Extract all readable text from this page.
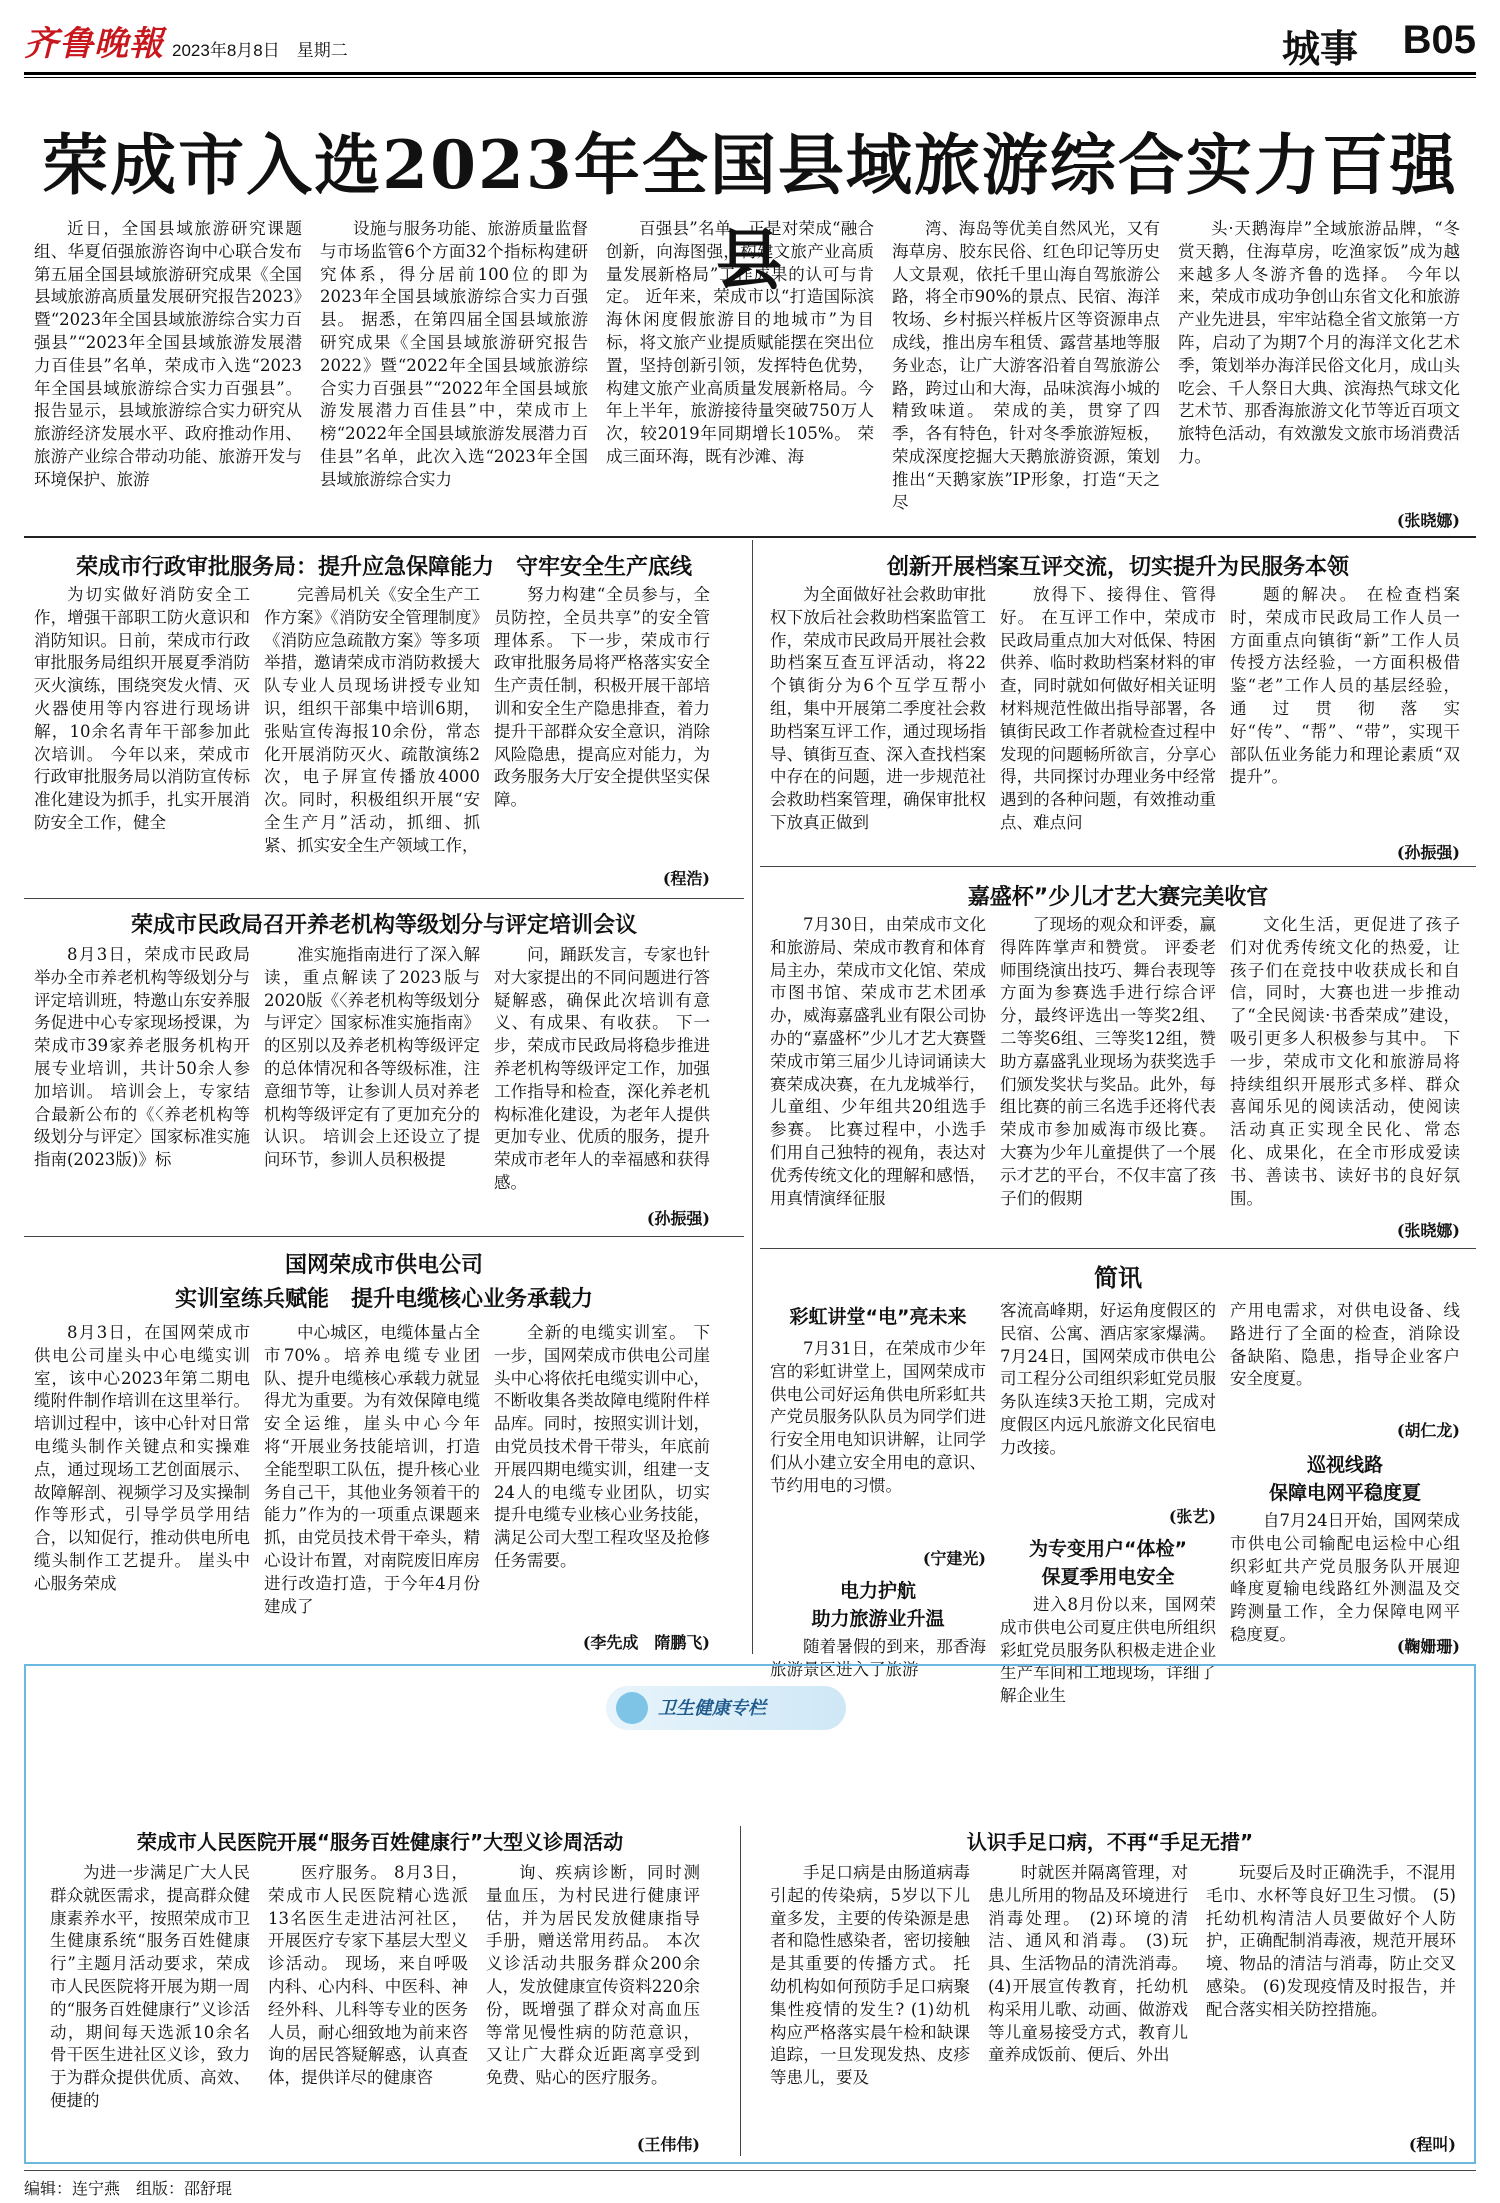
齐鲁晚報 2023年8月8日　星期二	城事 B05
荣成市入选2023年全国县域旅游综合实力百强县

近日，全国县域旅游研究课题组、华夏佰强旅游咨询中心联合发布第五届全国县域旅游研究成果《全国县域旅游高质量发展研究报告2023》暨“2023年全国县域旅游综合实力百强县”“2023年全国县域旅游发展潜力百佳县”名单，荣成市入选“2023年全国县域旅游综合实力百强县”。 报告显示，县域旅游综合实力研究从旅游经济发展水平、政府推动作用、旅游产业综合带动功能、旅游开发与环境保护、旅游

设施与服务功能、旅游质量监督与市场监管6个方面32个指标构建研究体系，得分居前100位的即为2023年全国县域旅游综合实力百强县。 据悉，在第四届全国县域旅游研究成果《全国县域旅游研究报告2022》暨“2022年全国县域旅游综合实力百强县”“2022年全国县域旅游发展潜力百佳县”中，荣成市上榜“2022年全国县域旅游发展潜力百佳县”名单，此次入选“2023年全国县域旅游综合实力

百强县”名单，正是对荣成“融合创新，向海图强，构建文旅产业高质量发展新格局”工作成果的认可与肯定。 近年来，荣成市以“打造国际滨海休闲度假旅游目的地城市”为目标，将文旅产业提质赋能摆在突出位置，坚持创新引领，发挥特色优势，构建文旅产业高质量发展新格局。今年上半年，旅游接待量突破750万人次，较2019年同期增长105%。 荣成三面环海，既有沙滩、海

湾、海岛等优美自然风光，又有海草房、胶东民俗、红色印记等历史人文景观，依托千里山海自驾旅游公路，将全市90%的景点、民宿、海洋牧场、乡村振兴样板片区等资源串点成线，推出房车租赁、露营基地等服务业态，让广大游客沿着自驾旅游公路，跨过山和大海，品味滨海小城的精致味道。 荣成的美，贯穿了四季，各有特色，针对冬季旅游短板，荣成深度挖掘大天鹅旅游资源，策划推出“天鹅家族”IP形象，打造“天之尽

头·天鹅海岸”全域旅游品牌，“冬赏天鹅，住海草房，吃渔家饭”成为越来越多人冬游齐鲁的选择。 今年以来，荣成市成功争创山东省文化和旅游产业先进县，牢牢站稳全省文旅第一方阵，启动了为期7个月的海洋文化艺术季，策划举办海洋民俗文化月，成山头吃会、千人祭日大典、滨海热气球文化艺术节、那香海旅游文化节等近百项文旅特色活动，有效激发文旅市场消费活力。

(张晓娜)
荣成市行政审批服务局：提升应急保障能力　守牢安全生产底线

为切实做好消防安全工作，增强干部职工防火意识和消防知识。日前，荣成市行政审批服务局组织开展夏季消防灭火演练，围绕突发火情、灭火器使用等内容进行现场讲解，10余名青年干部参加此次培训。 今年以来，荣成市行政审批服务局以消防宣传标准化建设为抓手，扎实开展消防安全工作，健全

完善局机关《安全生产工作方案》《消防安全管理制度》《消防应急疏散方案》等多项举措，邀请荣成市消防救援大队专业人员现场讲授专业知识，组织干部集中培训6期，张贴宣传海报10余份，常态化开展消防灭火、疏散演练2次，电子屏宣传播放4000次。同时，积极组织开展“安全生产月”活动，抓细、抓紧、抓实安全生产领域工作，

努力构建“全员参与，全员防控，全员共享”的安全管理体系。 下一步，荣成市行政审批服务局将严格落实安全生产责任制，积极开展干部培训和安全生产隐患排查，着力提升干部群众安全意识，消除风险隐患，提高应对能力，为政务服务大厅安全提供坚实保障。

(程浩)
荣成市民政局召开养老机构等级划分与评定培训会议

8月3日，荣成市民政局举办全市养老机构等级划分与评定培训班，特邀山东安养服务促进中心专家现场授课，为荣成市39家养老服务机构开展专业培训，共计50余人参加培训。 培训会上，专家结合最新公布的《〈养老机构等级划分与评定〉国家标准实施指南(2023版)》标

准实施指南进行了深入解读，重点解读了2023版与2020版《〈养老机构等级划分与评定〉国家标准实施指南》的区别以及养老机构等级评定的总体情况和各等级标准，注意细节等，让参训人员对养老机构等级评定有了更加充分的认识。 培训会上还设立了提问环节，参训人员积极提

问，踊跃发言，专家也针对大家提出的不同问题进行答疑解惑，确保此次培训有意义、有成果、有收获。 下一步，荣成市民政局将稳步推进养老机构等级评定工作，加强工作指导和检查，深化养老机构标准化建设，为老年人提供更加专业、优质的服务，提升荣成市老年人的幸福感和获得感。

(孙振强)
国网荣成市供电公司
实训室练兵赋能　提升电缆核心业务承载力

8月3日，在国网荣成市供电公司崖头中心电缆实训室，该中心2023年第二期电缆附件制作培训在这里举行。 培训过程中，该中心针对日常电缆头制作关键点和实操难点，通过现场工艺创面展示、故障解剖、视频学习及实操制作等形式，引导学员学用结合，以知促行，推动供电所电缆头制作工艺提升。 崖头中心服务荣成

中心城区，电缆体量占全市70%。培养电缆专业团队、提升电缆核心承载力就显得尤为重要。为有效保障电缆安全运维，崖头中心今年将“开展业务技能培训，打造全能型职工队伍，提升核心业务自己干，其他业务领着干的能力”作为的一项重点课题来抓，由党员技术骨干牵头，精心设计布置，对南院废旧库房进行改造打造，于今年4月份建成了

全新的电缆实训室。 下一步，国网荣成市供电公司崖头中心将依托电缆实训中心，不断收集各类故障电缆附件样品库。同时，按照实训计划，由党员技术骨干带头，年底前开展四期电缆实训，组建一支24人的电缆专业团队，切实提升电缆专业核心业务技能，满足公司大型工程攻坚及抢修任务需要。

(李先成　隋鹏飞)
创新开展档案互评交流，切实提升为民服务本领

为全面做好社会救助审批权下放后社会救助档案监管工作，荣成市民政局开展社会救助档案互查互评活动，将22个镇街分为6个互学互帮小组，集中开展第二季度社会救助档案互评工作，通过现场指导、镇街互查、深入查找档案中存在的问题，进一步规范社会救助档案管理，确保审批权下放真正做到

放得下、接得住、管得好。 在互评工作中，荣成市民政局重点加大对低保、特困供养、临时救助档案材料的审查，同时就如何做好相关证明材料规范性做出指导部署，各镇街民政工作者就检查过程中发现的问题畅所欲言，分享心得，共同探讨办理业务中经常遇到的各种问题，有效推动重点、难点问

题的解决。 在检查档案时，荣成市民政局工作人员一方面重点向镇街“新”工作人员传授方法经验，一方面积极借鉴“老”工作人员的基层经验，通过贯彻落实好“传”、“帮”、“带”，实现干部队伍业务能力和理论素质“双提升”。

(孙振强)
嘉盛杯”少儿才艺大赛完美收官

7月30日，由荣成市文化和旅游局、荣成市教育和体育局主办，荣成市文化馆、荣成市图书馆、荣成市艺术团承办，威海嘉盛乳业有限公司协办的“嘉盛杯”少儿才艺大赛暨荣成市第三届少儿诗词诵读大赛荣成决赛，在九龙城举行，儿童组、少年组共20组选手参赛。 比赛过程中，小选手们用自己独特的视角，表达对优秀传统文化的理解和感悟，用真情演绎征服

了现场的观众和评委，赢得阵阵掌声和赞赏。 评委老师围绕演出技巧、舞台表现等方面为参赛选手进行综合评分，最终评选出一等奖2组、二等奖6组、三等奖12组，赞助方嘉盛乳业现场为获奖选手们颁发奖状与奖品。此外，每组比赛的前三名选手还将代表荣成市参加威海市级比赛。 大赛为少年儿童提供了一个展示才艺的平台，不仅丰富了孩子们的假期

文化生活，更促进了孩子们对优秀传统文化的热爱，让孩子们在竞技中收获成长和自信，同时，大赛也进一步推动了“全民阅读·书香荣成”建设，吸引更多人积极参与其中。 下一步，荣成市文化和旅游局将持续组织开展形式多样、群众喜闻乐见的阅读活动，使阅读活动真正实现全民化、常态化、成果化，在全市形成爱读书、善读书、读好书的良好氛围。

(张晓娜)
简讯
彩虹讲堂“电”亮未来

7月31日，在荣成市少年宫的彩虹讲堂上，国网荣成市供电公司好运角供电所彩虹共产党员服务队队员为同学们进行安全用电知识讲解，让同学们从小建立安全用电的意识、节约用电的习惯。

(宁建光)
电力护航
助力旅游业升温

随着暑假的到来，那香海旅游景区进入了旅游

客流高峰期，好运角度假区的民宿、公寓、酒店家家爆满。7月24日，国网荣成市供电公司工程分公司组织彩虹党员服务队连续3天抢工期，完成对度假区内远凡旅游文化民宿电力改接。

(张艺)
为专变用户“体检”
保夏季用电安全

进入8月份以来，国网荣成市供电公司夏庄供电所组织彩虹党员服务队积极走进企业生产车间和工地现场，详细了解企业生

产用电需求，对供电设备、线路进行了全面的检查，消除设备缺陷、隐患，指导企业客户安全度夏。

(胡仁龙)
巡视线路
保障电网平稳度夏

自7月24日开始，国网荣成市供电公司输配电运检中心组织彩虹共产党员服务队开展迎峰度夏输电线路红外测温及交跨测量工作，全力保障电网平稳度夏。

(鞠姗珊)
卫生健康专栏
荣成市人民医院开展“服务百姓健康行”大型义诊周活动

为进一步满足广大人民群众就医需求，提高群众健康素养水平，按照荣成市卫生健康系统“服务百姓健康行”主题月活动要求，荣成市人民医院将开展为期一周的“服务百姓健康行”义诊活动，期间每天选派10余名骨干医生进社区义诊，致力于为群众提供优质、高效、便捷的

医疗服务。 8月3日，荣成市人民医院精心选派13名医生走进沽河社区，开展医疗专家下基层大型义诊活动。 现场，来自呼吸内科、心内科、中医科、神经外科、儿科等专业的医务人员，耐心细致地为前来咨询的居民答疑解惑，认真查体，提供详尽的健康咨

询、疾病诊断，同时测量血压，为村民进行健康评估，并为居民发放健康指导手册，赠送常用药品。 本次义诊活动共服务群众200余人，发放健康宣传资料220余份，既增强了群众对高血压等常见慢性病的防范意识，又让广大群众近距离享受到免费、贴心的医疗服务。

(王伟伟)
认识手足口病，不再“手足无措”

手足口病是由肠道病毒引起的传染病，5岁以下儿童多发，主要的传染源是患者和隐性感染者，密切接触是其重要的传播方式。 托幼机构如何预防手足口病聚集性疫情的发生? (1)幼机构应严格落实晨午检和缺课追踪，一旦发现发热、皮疹等患儿，要及

时就医并隔离管理，对患儿所用的物品及环境进行消毒处理。 (2)环境的清洁、通风和消毒。 (3)玩具、生活物品的清洗消毒。 (4)开展宣传教育，托幼机构采用儿歌、动画、做游戏等儿童易接受方式，教育儿童养成饭前、便后、外出

玩耍后及时正确洗手，不混用毛巾、水杯等良好卫生习惯。 (5)托幼机构清洁人员要做好个人防护，正确配制消毒液，规范开展环境、物品的清洁与消毒，防止交叉感染。 (6)发现疫情及时报告，并配合落实相关防控措施。

(程叫)
编辑：连宁燕　组版：邵舒琨
